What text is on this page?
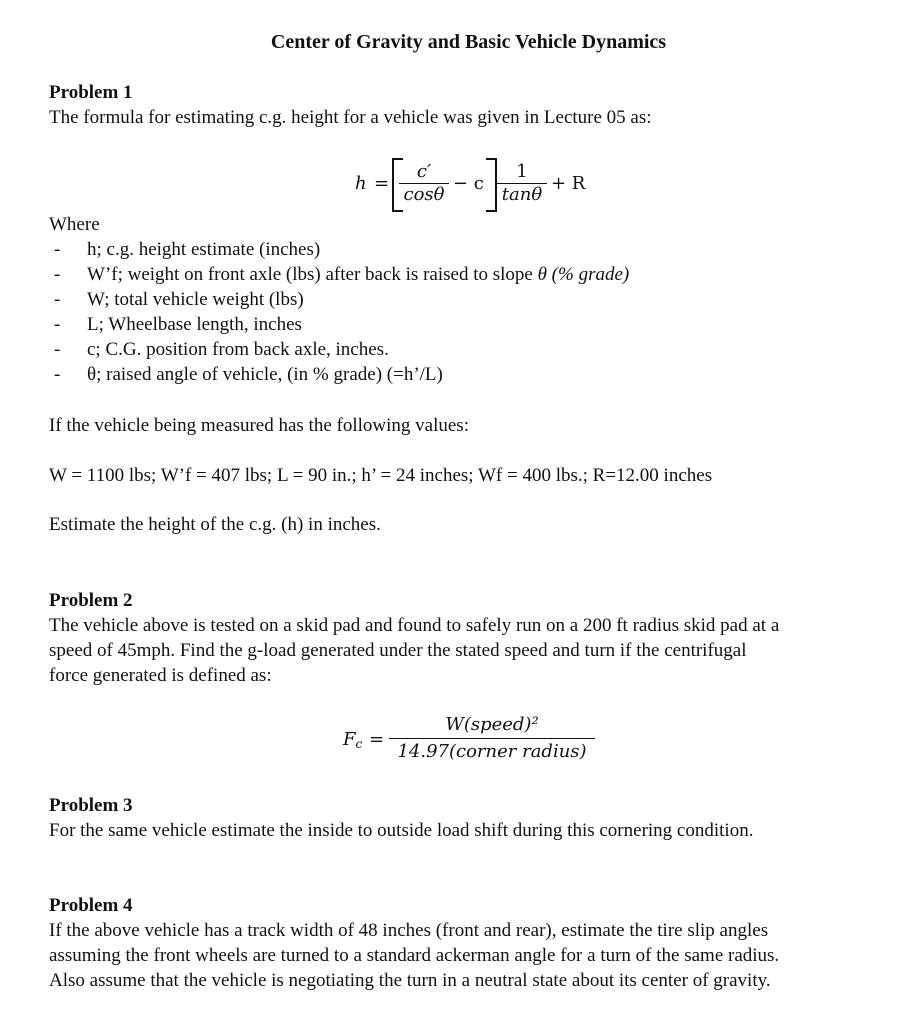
Center of Gravity and Basic Vehicle Dynamics
Problem 1
The formula for estimating c.g. height for a vehicle was given in Lecture 05 as:
h =
c′
cosθ
− c
1
tanθ
+ R
Where
- h; c.g. height estimate (inches)
- W’f; weight on front axle (lbs) after back is raised to slope θ (% grade)
- W; total vehicle weight (lbs)
- L; Wheelbase length, inches
- c; C.G. position from back axle, inches.
- θ; raised angle of vehicle, (in % grade) (=h’/L)
If the vehicle being measured has the following values:
W = 1100 lbs; W’f = 407 lbs; L = 90 in.; h’ = 24 inches; Wf = 400 lbs.; R=12.00 inches
Estimate the height of the c.g. (h) in inches.
Problem 2
The vehicle above is tested on a skid pad and found to safely run on a 200 ft radius skid pad at a
speed of 45mph. Find the g-load generated under the stated speed and turn if the centrifugal
force generated is defined as:
$F_c$ =
W(speed)²
14.97(corner radius)
Problem 3
For the same vehicle estimate the inside to outside load shift during this cornering condition.
Problem 4
If the above vehicle has a track width of 48 inches (front and rear), estimate the tire slip angles
assuming the front wheels are turned to a standard ackerman angle for a turn of the same radius.
Also assume that the vehicle is negotiating the turn in a neutral state about its center of gravity.
